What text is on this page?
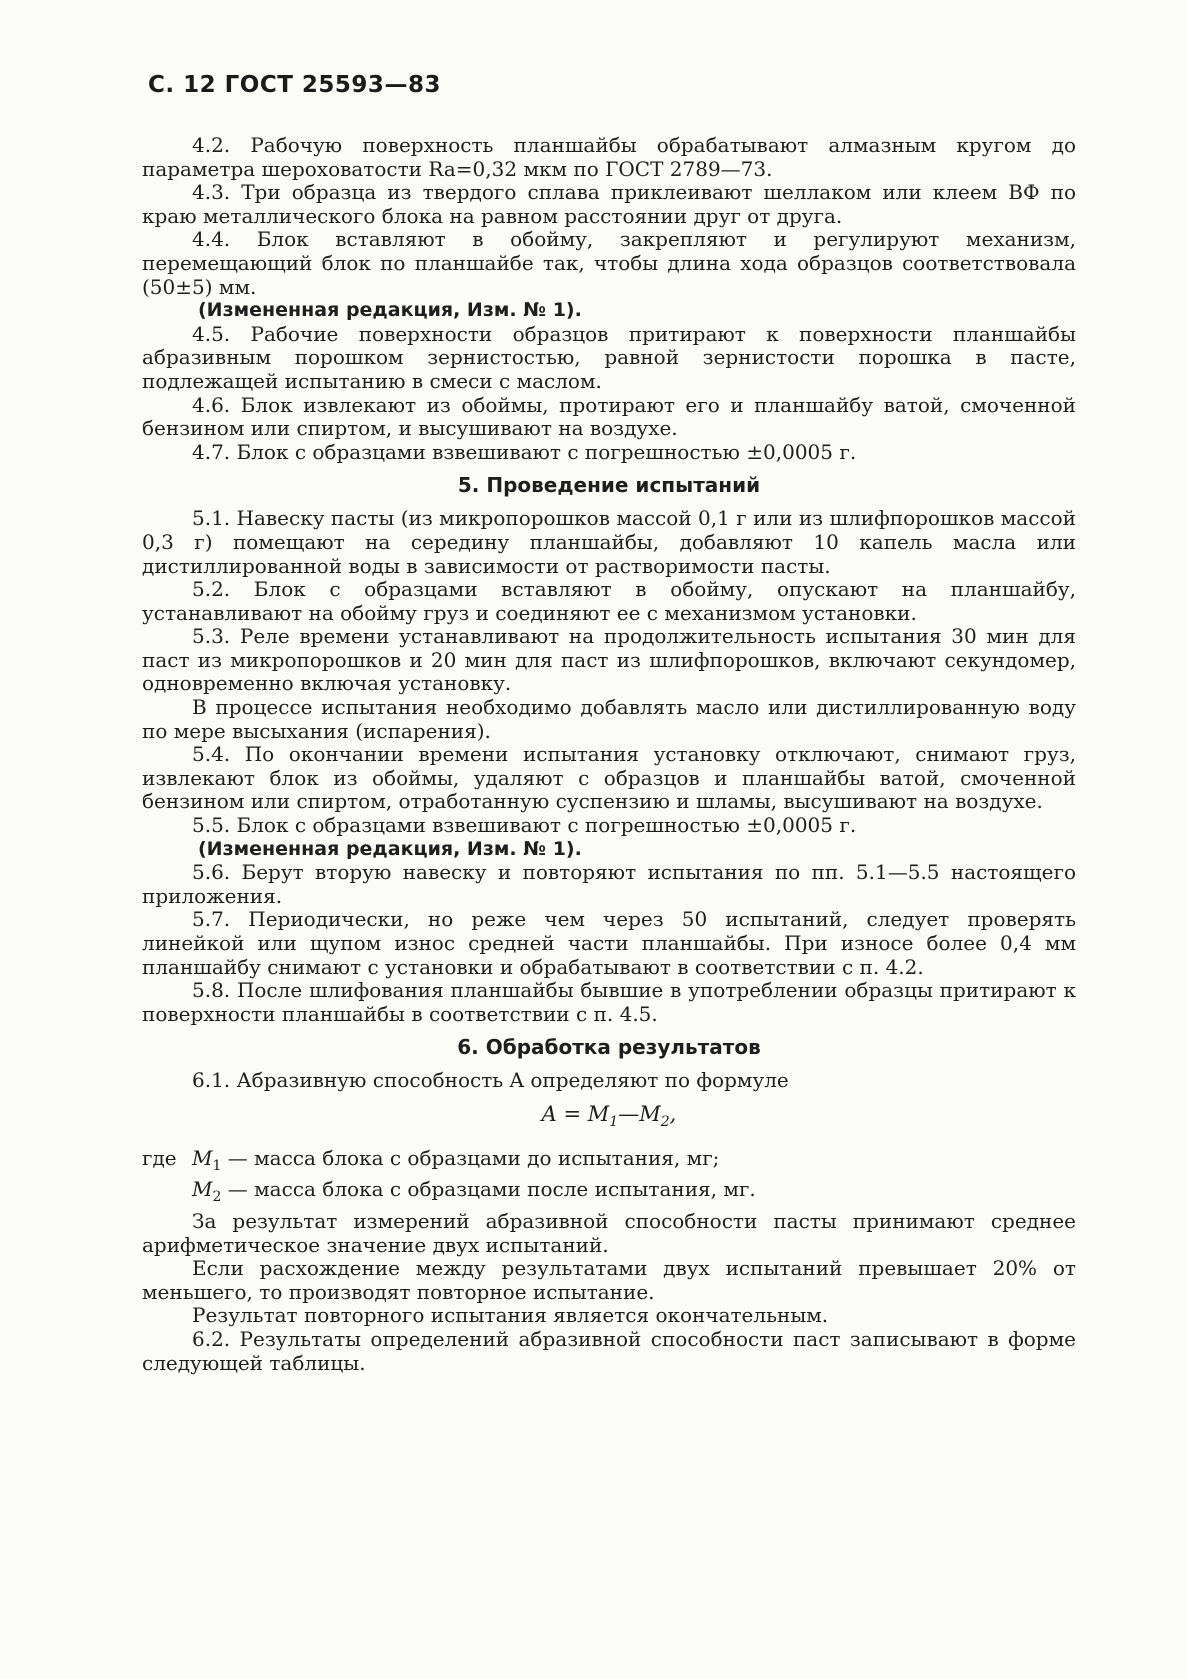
С. 12 ГОСТ 25593—83

4.2. Рабочую поверхность планшайбы обрабатывают алмазным кругом до параметра шероховатости Ra=0,32 мкм по ГОСТ 2789—73.

4.3. Три образца из твердого сплава приклеивают шеллаком или клеем ВФ по краю металлического блока на равном расстоянии друг от друга.

4.4. Блок вставляют в обойму, закрепляют и регулируют механизм, перемещающий блок по планшайбе так, чтобы длина хода образцов соответствовала (50±5) мм.

(Измененная редакция, Изм. № 1).

4.5. Рабочие поверхности образцов притирают к поверхности планшайбы абразивным порошком зернистостью, равной зернистости порошка в пасте, подлежащей испытанию в смеси с маслом.

4.6. Блок извлекают из обоймы, протирают его и планшайбу ватой, смоченной бензином или спиртом, и высушивают на воздухе.

4.7. Блок с образцами взвешивают с погрешностью ±0,0005 г.

5. Проведение испытаний

5.1. Навеску пасты (из микропорошков массой 0,1 г или из шлифпорошков массой 0,3 г) помещают на середину планшайбы, добавляют 10 капель масла или дистиллированной воды в зависимости от растворимости пасты.

5.2. Блок с образцами вставляют в обойму, опускают на планшайбу, устанавливают на обойму груз и соединяют ее с механизмом установки.

5.3. Реле времени устанавливают на продолжительность испытания 30 мин для паст из микропорошков и 20 мин для паст из шлифпорошков, включают секундомер, одновременно включая установку.

В процессе испытания необходимо добавлять масло или дистиллированную воду по мере высыхания (испарения).

5.4. По окончании времени испытания установку отключают, снимают груз, извлекают блок из обоймы, удаляют с образцов и планшайбы ватой, смоченной бензином или спиртом, отработанную суспензию и шламы, высушивают на воздухе.

5.5. Блок с образцами взвешивают с погрешностью ±0,0005 г.

(Измененная редакция, Изм. № 1).

5.6. Берут вторую навеску и повторяют испытания по пп. 5.1—5.5 настоящего приложения.

5.7. Периодически, но реже чем через 50 испытаний, следует проверять линейкой или щупом износ средней части планшайбы. При износе более 0,4 мм планшайбу снимают с установки и обрабатывают в соответствии с п. 4.2.

5.8. После шлифования планшайбы бывшие в употреблении образцы притирают к поверхности планшайбы в соответствии с п. 4.5.

6. Обработка результатов

6.1. Абразивную способность A определяют по формуле

$A = M_1—M_2$,
где $M_1$ — масса блока с образцами до испытания, мг;
$M_2$ — масса блока с образцами после испытания, мг.

За результат измерений абразивной способности пасты принимают среднее арифметическое значение двух испытаний.

Если расхождение между результатами двух испытаний превышает 20% от меньшего, то производят повторное испытание.

Результат повторного испытания является окончательным.

6.2. Результаты определений абразивной способности паст записывают в форме следующей таблицы.
